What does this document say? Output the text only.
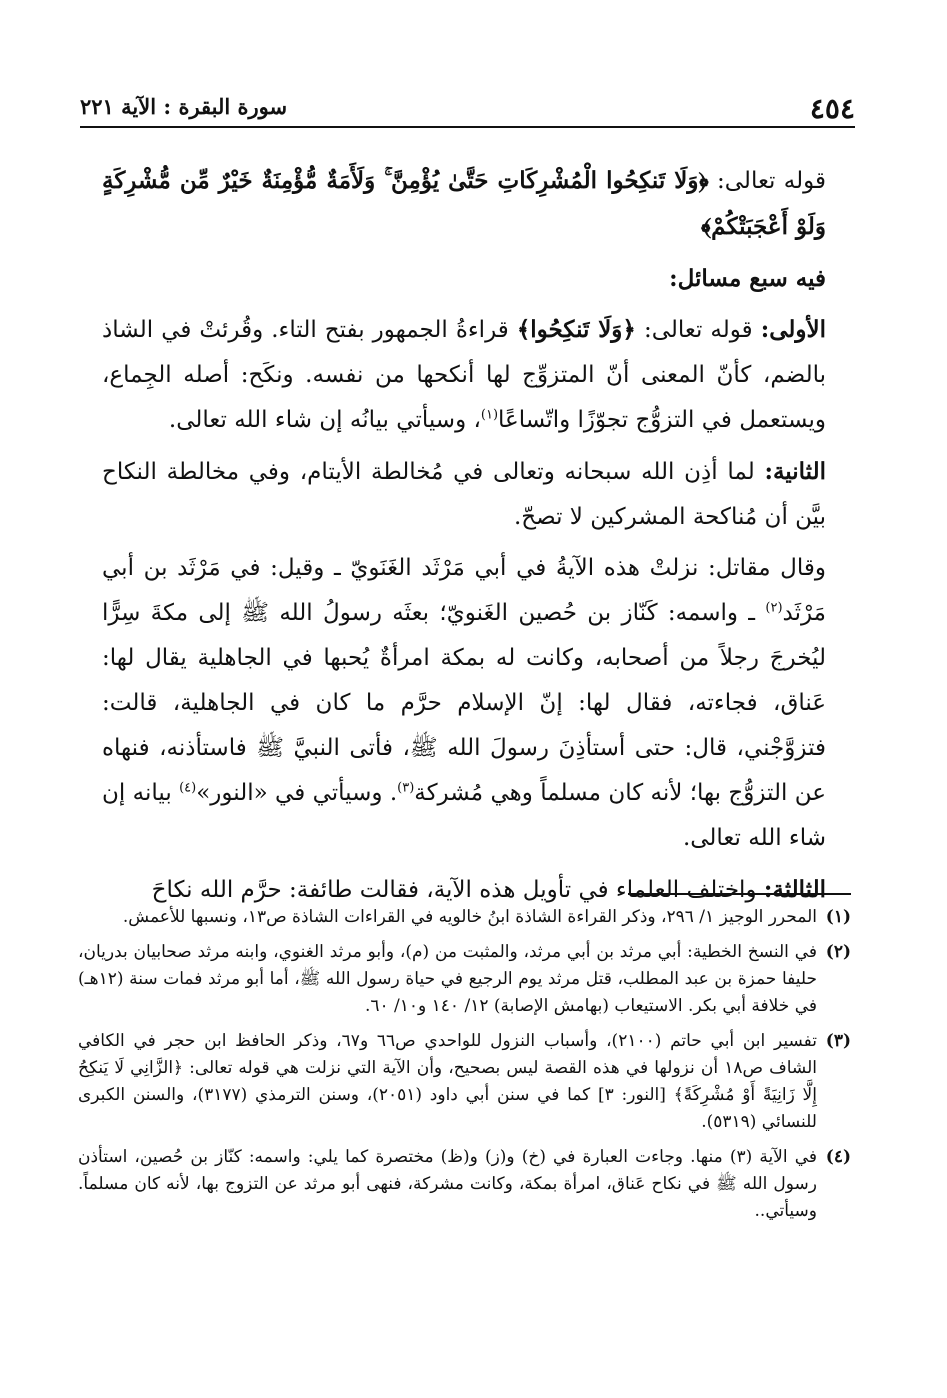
٤٥٤
سورة البقرة : الآية ٢٢١

قوله تعالى: ﴿وَلَا تَنكِحُوا الْمُشْرِكَاتِ حَتَّىٰ يُؤْمِنَّ ۚ وَلَأَمَةٌ مُّؤْمِنَةٌ خَيْرٌ مِّن مُّشْرِكَةٍ وَلَوْ أَعْجَبَتْكُمْ﴾

فيه سبع مسائل:

الأولى: قوله تعالى: ﴿وَلَا تَنكِحُوا﴾ قراءةُ الجمهور بفتح التاء. وقُرئتْ في الشاذ بالضم، كأنّ المعنى أنّ المتزوِّج لها أنكحها من نفسه. ونكَح: أصله الجِماع، ويستعمل في التزوُّج تجوّزًا واتّساعًا$^{(١)}$، وسيأتي بيانُه إن شاء الله تعالى.

الثانية: لما أذِن الله سبحانه وتعالى في مُخالطة الأيتام، وفي مخالطة النكاح بيَّن أن مُناكحة المشركين لا تصحّ.

وقال مقاتل: نزلتْ هذه الآيةُ في أبي مَرْثَد الغَنَويّ ـ وقيل: في مَرْثَد بن أبي مَرْثَد$^{(٢)}$ ـ واسمه: كَنّاز بن حُصين الغَنويّ؛ بعثَه رسولُ الله ﷺ إلى مكةَ سِرًّا ليُخرجَ رجلاً من أصحابه، وكانت له بمكة امرأةٌ يُحبها في الجاهلية يقال لها: عَناق، فجاءته، فقال لها: إنّ الإسلام حرَّم ما كان في الجاهلية، قالت: فتزوَّجْني، قال: حتى أستأذِنَ رسولَ الله ﷺ، فأتى النبيَّ ﷺ فاستأذنه، فنهاه عن التزوُّج بها؛ لأنه كان مسلماً وهي مُشركة$^{(٣)}$. وسيأتي في «النور»$^{(٤)}$ بيانه إن شاء الله تعالى.

الثالثة: واختلف العلماء في تأويل هذه الآية، فقالت طائفة: حرَّم الله نكاحَ

(١)
المحرر الوجيز ١/ ٢٩٦، وذكر القراءة الشاذة ابنُ خالويه في القراءات الشاذة ص١٣، ونسبها للأعمش.
(٢)
في النسخ الخطية: أبي مرثد بن أبي مرثد، والمثبت من (م)، وأبو مرثد الغنوي، وابنه مرثد صحابيان بدريان، حليفا حمزة بن عبد المطلب، قتل مرثد يوم الرجيع في حياة رسول الله ﷺ، أما أبو مرثد فمات سنة (١٢هـ) في خلافة أبي بكر. الاستيعاب (بهامش الإصابة) ١٢/ ١٤٠ و١٠/ ٦٠.
(٣)
تفسير ابن أبي حاتم (٢١٠٠)، وأسباب النزول للواحدي ص٦٦ و٦٧، وذكر الحافظ ابن حجر في الكافي الشاف ص١٨ أن نزولها في هذه القصة ليس بصحيح، وأن الآية التي نزلت هي قوله تعالى: ﴿الزَّانِي لَا يَنكِحُ إِلَّا زَانِيَةً أَوْ مُشْرِكَةً﴾ [النور: ٣] كما في سنن أبي داود (٢٠٥١)، وسنن الترمذي (٣١٧٧)، والسنن الكبرى للنسائي (٥٣١٩).
(٤)
في الآية (٣) منها. وجاءت العبارة في (خ) و(ز) و(ظ) مختصرة كما يلي: واسمه: كنّاز بن حُصين، استأذن رسول الله ﷺ في نكاح عَناق، امرأة بمكة، وكانت مشركة، فنهى أبو مرثد عن التزوج بها، لأنه كان مسلماً. وسيأتي..
